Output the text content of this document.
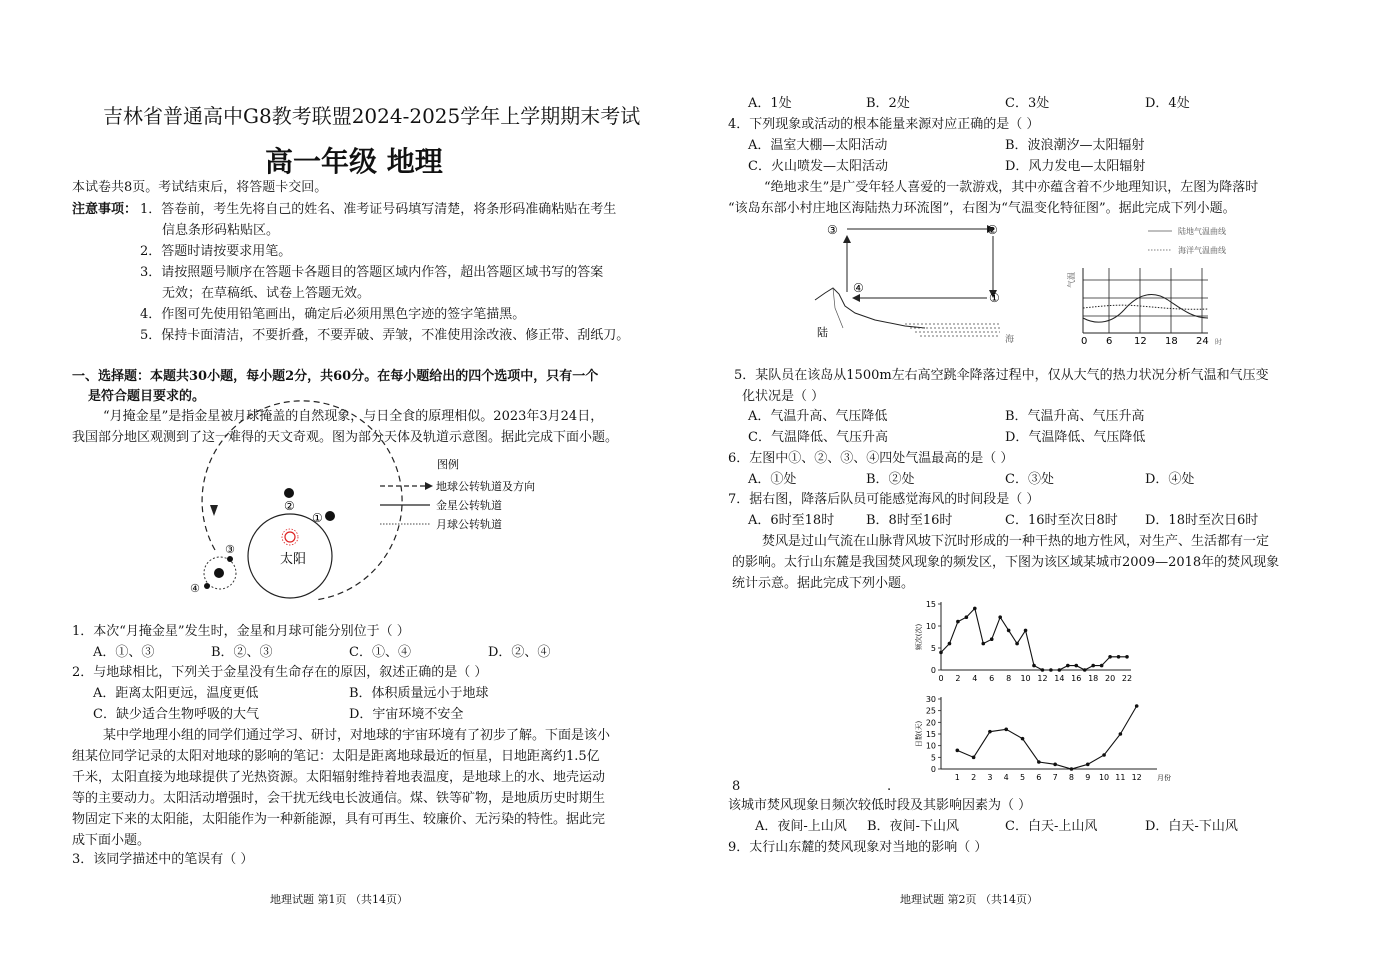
吉林省普通高中G8教考联盟2024-2025学年上学期期末考试
高一年级 地理
本试卷共8页。考试结束后，将答题卡交回。
注意事项： 1．答卷前，考生先将自己的姓名、准考证号码填写清楚，将条形码准确粘贴在考生
信息条形码粘贴区。
2．答题时请按要求用笔。
3．请按照题号顺序在答题卡各题目的答题区域内作答，超出答题区域书写的答案
无效；在草稿纸、试卷上答题无效。
4．作图可先使用铅笔画出，确定后必须用黑色字迹的签字笔描黑。
5．保持卡面清洁，不要折叠，不要弄破、弄皱，不准使用涂改液、修正带、刮纸刀。
一、选择题：本题共30小题，每小题2分，共60分。在每小题给出的四个选项中，只有一个
是符合题目要求的。
“月掩金星”是指金星被月球掩盖的自然现象，与日全食的原理相似。2023年3月24日，
我国部分地区观测到了这一难得的天文奇观。图为部分天体及轨道示意图。据此完成下面小题。
太阳
②
①
③
④
图例
地球公转轨道及方向
金星公转轨道
月球公转轨道
1．本次“月掩金星”发生时，金星和月球可能分别位于（ ）
A．①、③	B．②、③	C．①、④	D．②、④
2．与地球相比，下列关于金星没有生命存在的原因，叙述正确的是（ ）
A．距离太阳更远，温度更低	B．体积质量远小于地球
C．缺少适合生物呼吸的大气	D．宇宙环境不安全
某中学地理小组的同学们通过学习、研讨，对地球的宇宙环境有了初步了解。下面是该小
组某位同学记录的太阳对地球的影响的笔记：太阳是距离地球最近的恒星，日地距离约1.5亿
千米，太阳直接为地球提供了光热资源。太阳辐射维持着地表温度，是地球上的水、地壳运动
等的主要动力。太阳活动增强时，会干扰无线电长波通信。煤、铁等矿物，是地质历史时期生
物固定下来的太阳能，太阳能作为一种新能源，具有可再生、较廉价、无污染的特性。据此完
成下面小题。
3．该同学描述中的笔误有（ ）
地理试题 第1页 （共14页）
A．1处	B．2处	C．3处	D．4处
4．下列现象或活动的根本能量来源对应正确的是（ ）
A．温室大棚—太阳活动	B．波浪潮汐—太阳辐射
C．火山喷发—太阳活动	D．风力发电—太阳辐射
“绝地求生”是广受年轻人喜爱的一款游戏，其中亦蕴含着不少地理知识，左图为降落时
“该岛东部小村庄地区海陆热力环流图”，右图为“气温变化特征图”。据此完成下列小题。
③	②
④
①
陆
海
陆地气温曲线
海洋气温曲线
气温
0 6 12 18 24 时
5．某队员在该岛从1500m左右高空跳伞降落过程中，仅从大气的热力状况分析气温和气压变
化状况是（ ）
A．气温升高、气压降低	B．气温升高、气压升高
C．气温降低、气压升高	D．气温降低、气压降低
6．左图中①、②、③、④四处气温最高的是（ ）
A．①处	B．②处	C．③处	D．④处
7．据右图，降落后队员可能感觉海风的时间段是（ ）
A．6时至18时 B．8时至16时	C．16时至次日8时 D．18时至次日6时
焚风是过山气流在山脉背风坡下沉时形成的一种干热的地方性风，对生产、生活都有一定
的影响。太行山东麓是我国焚风现象的频发区，下图为该区域某城市2009—2018年的焚风现象
统计示意。据此完成下列小题。
0
5
10
15
0 2 4 6 8 10 12 14 16 18 20 22
频次(次)
0
5
10
15
20
25
30
1 2 3 4 5 6 7 8 9 10 11 12
日数(天)
月份
8	.
该城市焚风现象日频次较低时段及其影响因素为（ ）
A．夜间-上山风 B．夜间-下山风	C．白天-上山风	D．白天-下山风
9．太行山东麓的焚风现象对当地的影响（ ）
地理试题 第2页 （共14页）
